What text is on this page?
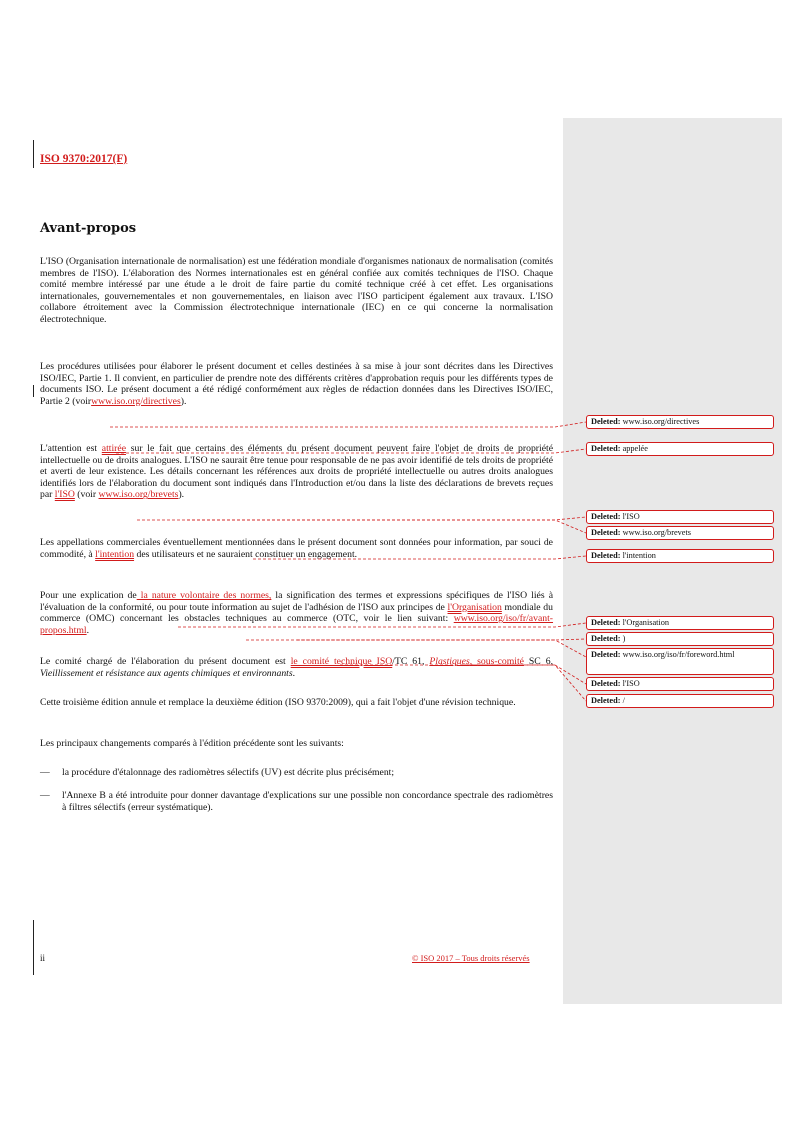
ISO 9370:2017(F)
Avant-propos

L'ISO (Organisation internationale de normalisation) est une fédération mondiale d'organismes nationaux de normalisation (comités membres de l'ISO). L'élaboration des Normes internationales est en général confiée aux comités techniques de l'ISO. Chaque comité membre intéressé par une étude a le droit de faire partie du comité technique créé à cet effet. Les organisations internationales, gouvernementales et non gouvernementales, en liaison avec l'ISO participent également aux travaux. L'ISO collabore étroitement avec la Commission électrotechnique internationale (IEC) en ce qui concerne la normalisation électrotechnique.

Les procédures utilisées pour élaborer le présent document et celles destinées à sa mise à jour sont décrites dans les Directives ISO/IEC, Partie 1. Il convient, en particulier de prendre note des différents critères d'approbation requis pour les différents types de documents ISO. Le présent document a été rédigé conformément aux règles de rédaction données dans les Directives ISO/IEC, Partie 2 (voirwww.iso.org/directives).

L'attention est attirée sur le fait que certains des éléments du présent document peuvent faire l'objet de droits de propriété intellectuelle ou de droits analogues. L'ISO ne saurait être tenue pour responsable de ne pas avoir identifié de tels droits de propriété et averti de leur existence. Les détails concernant les références aux droits de propriété intellectuelle ou autres droits analogues identifiés lors de l'élaboration du document sont indiqués dans l'Introduction et/ou dans la liste des déclarations de brevets reçues par l'ISO (voir www.iso.org/brevets).

Les appellations commerciales éventuellement mentionnées dans le présent document sont données pour information, par souci de commodité, à l'intention des utilisateurs et ne sauraient constituer un engagement.

Pour une explication de la nature volontaire des normes, la signification des termes et expressions spécifiques de l'ISO liés à l'évaluation de la conformité, ou pour toute information au sujet de l'adhésion de l'ISO aux principes de l'Organisation mondiale du commerce (OMC) concernant les obstacles techniques au commerce (OTC, voir le lien suivant: www.iso.org/iso/fr/avant-propos.html.

Le comité chargé de l'élaboration du présent document est le comité technique ISO/TC 61, Plastiques, sous-comité SC 6, Vieillissement et résistance aux agents chimiques et environnants.

Cette troisième édition annule et remplace la deuxième édition (ISO 9370:2009), qui a fait l'objet d'une révision technique.

Les principaux changements comparés à l'édition précédente sont les suivants:

— la procédure d'étalonnage des radiomètres sélectifs (UV) est décrite plus précisément;
— l'Annexe B a été introduite pour donner davantage d'explications sur une possible non concordance spectrale des radiomètres à filtres sélectifs (erreur systématique).
ii	© ISO 2017 – Tous droits réservés
Deleted: www.iso.org/directives
Deleted: appelée
Deleted: l'ISO
Deleted: www.iso.org/brevets
Deleted: l'intention
Deleted: l'Organisation
Deleted: )
Deleted: www.iso.org/iso/fr/foreword.html
Deleted: l'ISO
Deleted: /
